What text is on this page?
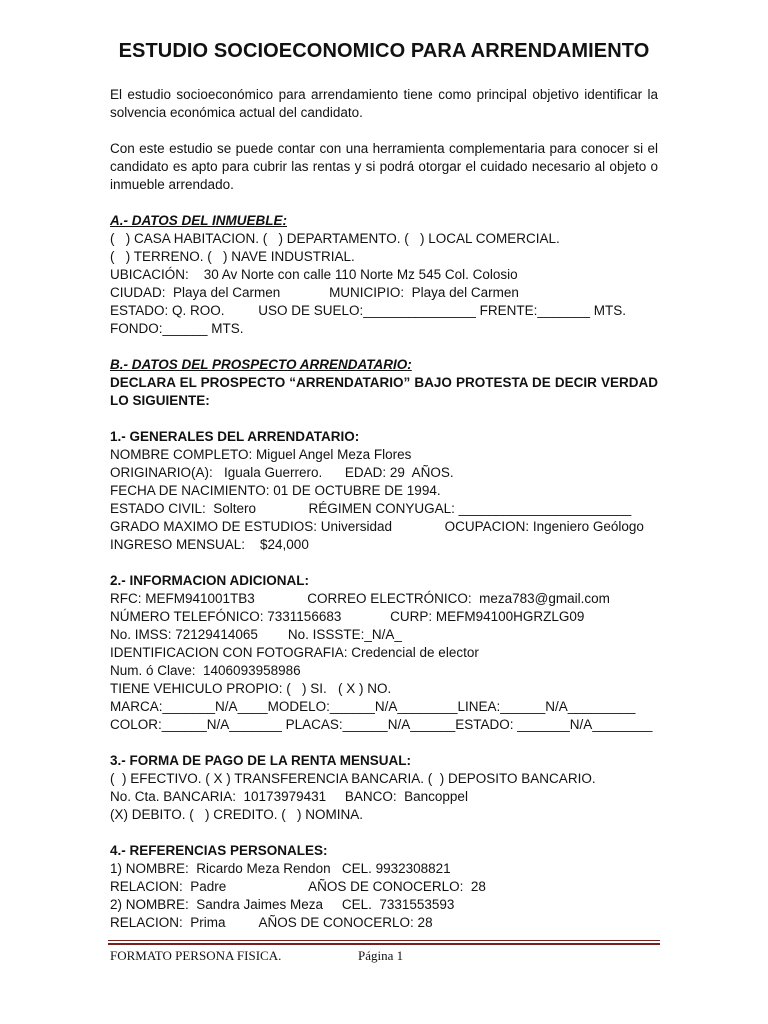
ESTUDIO SOCIOECONOMICO PARA ARRENDAMIENTO
El estudio socioeconómico para arrendamiento tiene como principal objetivo identificar la solvencia económica actual del candidato.
Con este estudio se puede contar con una herramienta complementaria para conocer si el candidato es apto para cubrir las rentas y si podrá otorgar el cuidado necesario al objeto o inmueble arrendado.
A.- DATOS DEL INMUEBLE:
(   ) CASA HABITACION. (   ) DEPARTAMENTO. (   ) LOCAL COMERCIAL.
(   ) TERRENO. (   ) NAVE INDUSTRIAL.
UBICACIÓN:    30 Av Norte con calle 110 Norte Mz 545 Col. Colosio
CIUDAD:  Playa del Carmen             MUNICIPIO:  Playa del Carmen
ESTADO: Q. ROO.         USO DE SUELO:_______________ FRENTE:_______ MTS.
FONDO:______ MTS.
B.- DATOS DEL PROSPECTO ARRENDATARIO:
DECLARA EL PROSPECTO “ARRENDATARIO” BAJO PROTESTA DE DECIR VERDAD LO SIGUIENTE:
1.- GENERALES DEL ARRENDATARIO:
NOMBRE COMPLETO: Miguel Angel Meza Flores
ORIGINARIO(A):   Iguala Guerrero.      EDAD: 29  AÑOS.
FECHA DE NACIMIENTO: 01 DE OCTUBRE DE 1994.
ESTADO CIVIL:  Soltero              RÉGIMEN CONYUGAL: _______________________
GRADO MAXIMO DE ESTUDIOS: Universidad              OCUPACION: Ingeniero Geólogo
INGRESO MENSUAL:    $24,000
2.- INFORMACION ADICIONAL:
RFC: MEFM941001TB3              CORREO ELECTRÓNICO:  meza783@gmail.com
NÚMERO TELEFÓNICO: 7331156683             CURP: MEFM94100HGRZLG09
No. IMSS: 72129414065        No. ISSSTE:_N/A_
IDENTIFICACION CON FOTOGRAFIA: Credencial de elector
Num. ó Clave:  1406093958986
TIENE VEHICULO PROPIO: (   ) SI.   ( X ) NO.
MARCA:_______N/A____MODELO:______N/A________LINEA:______N/A_________
COLOR:______N/A_______ PLACAS:______N/A______ESTADO: _______N/A________
3.- FORMA DE PAGO DE LA RENTA MENSUAL:
(  ) EFECTIVO. ( X ) TRANSFERENCIA BANCARIA. (  ) DEPOSITO BANCARIO.
No. Cta. BANCARIA:  10173979431     BANCO:  Bancoppel
(X) DEBITO. (   ) CREDITO. (   ) NOMINA.
4.- REFERENCIAS PERSONALES:
1) NOMBRE:  Ricardo Meza Rendon   CEL. 9932308821
RELACION:  Padre                      AÑOS DE CONOCERLO:  28
2) NOMBRE:  Sandra Jaimes Meza     CEL.  7331553593
RELACION:  Prima         AÑOS DE CONOCERLO: 28
FORMATO PERSONA FISICA.	Página 1
